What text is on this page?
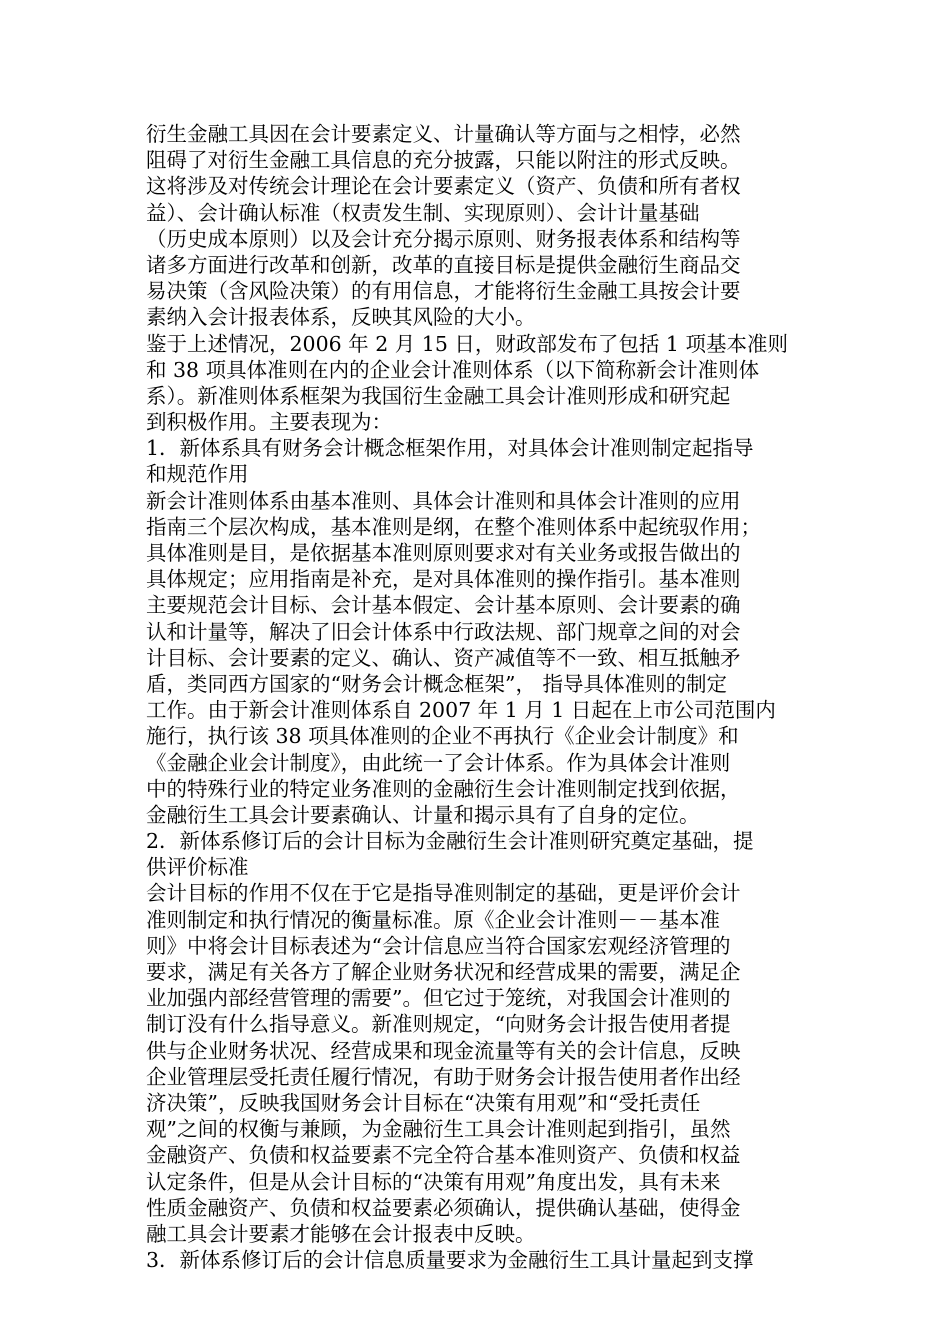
衍生金融工具因在会计要素定义、计量确认等方面与之相悖，必然
阻碍了对衍生金融工具信息的充分披露，只能以附注的形式反映。
这将涉及对传统会计理论在会计要素定义（资产、负债和所有者权
益）、会计确认标准（权责发生制、实现原则）、会计计量基础
（历史成本原则）以及会计充分揭示原则、财务报表体系和结构等
诸多方面进行改革和创新，改革的直接目标是提供金融衍生商品交
易决策（含风险决策）的有用信息，才能将衍生金融工具按会计要
素纳入会计报表体系，反映其风险的大小。
鉴于上述情况，2006 年 2 月 15 日，财政部发布了包括 1 项基本准则
和 38 项具体准则在内的企业会计准则体系（以下简称新会计准则体
系）。新准则体系框架为我国衍生金融工具会计准则形成和研究起
到积极作用。主要表现为：
1．新体系具有财务会计概念框架作用，对具体会计准则制定起指导
和规范作用
新会计准则体系由基本准则、具体会计准则和具体会计准则的应用
指南三个层次构成，基本准则是纲，在整个准则体系中起统驭作用；
具体准则是目，是依据基本准则原则要求对有关业务或报告做出的
具体规定；应用指南是补充，是对具体准则的操作指引。基本准则
主要规范会计目标、会计基本假定、会计基本原则、会计要素的确
认和计量等，解决了旧会计体系中行政法规、部门规章之间的对会
计目标、会计要素的定义、确认、资产减值等不一致、相互抵触矛
盾，类同西方国家的“财务会计概念框架”， 指导具体准则的制定
工作。由于新会计准则体系自 2007 年 1 月 1 日起在上市公司范围内
施行，执行该 38 项具体准则的企业不再执行《企业会计制度》和
《金融企业会计制度》，由此统一了会计体系。作为具体会计准则
中的特殊行业的特定业务准则的金融衍生会计准则制定找到依据，
金融衍生工具会计要素确认、计量和揭示具有了自身的定位。
2．新体系修订后的会计目标为金融衍生会计准则研究奠定基础，提
供评价标准
会计目标的作用不仅在于它是指导准则制定的基础，更是评价会计
准则制定和执行情况的衡量标准。原《企业会计准则－－基本准
则》中将会计目标表述为“会计信息应当符合国家宏观经济管理的
要求，满足有关各方了解企业财务状况和经营成果的需要，满足企
业加强内部经营管理的需要”。但它过于笼统，对我国会计准则的
制订没有什么指导意义。新准则规定，“向财务会计报告使用者提
供与企业财务状况、经营成果和现金流量等有关的会计信息，反映
企业管理层受托责任履行情况，有助于财务会计报告使用者作出经
济决策”，反映我国财务会计目标在“决策有用观”和“受托责任
观”之间的权衡与兼顾，为金融衍生工具会计准则起到指引，虽然
金融资产、负债和权益要素不完全符合基本准则资产、负债和权益
认定条件，但是从会计目标的“决策有用观”角度出发，具有未来
性质金融资产、负债和权益要素必须确认，提供确认基础，使得金
融工具会计要素才能够在会计报表中反映。
3．新体系修订后的会计信息质量要求为金融衍生工具计量起到支撑
